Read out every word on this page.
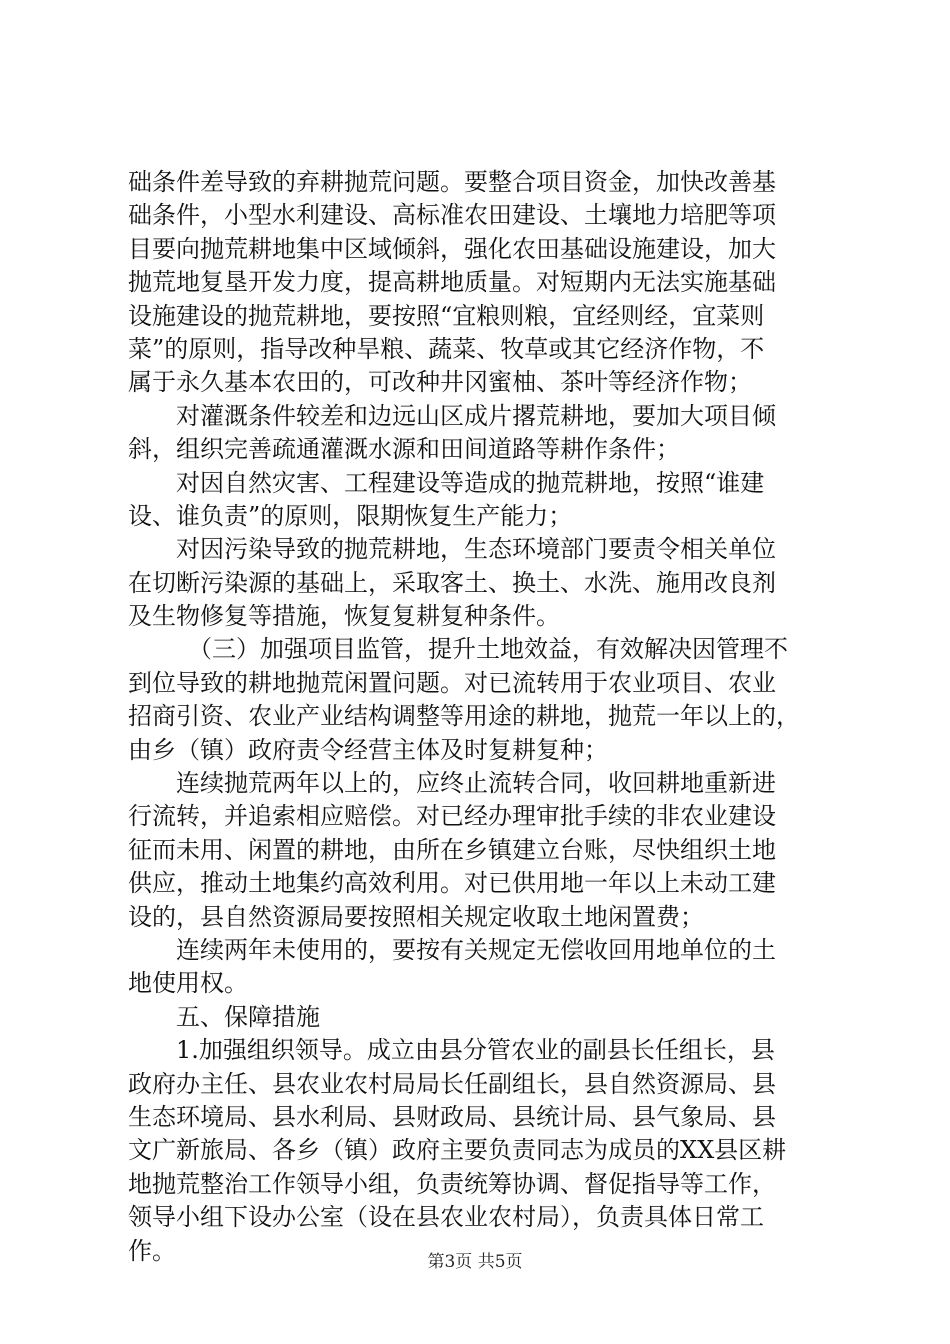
础条件差导致的弃耕抛荒问题。要整合项目资金，加快改善基
础条件，小型水利建设、高标准农田建设、土壤地力培肥等项
目要向抛荒耕地集中区域倾斜，强化农田基础设施建设，加大
抛荒地复垦开发力度，提高耕地质量。对短期内无法实施基础
设施建设的抛荒耕地，要按照“宜粮则粮，宜经则经，宜菜则
菜”的原则，指导改种旱粮、蔬菜、牧草或其它经济作物，不
属于永久基本农田的，可改种井冈蜜柚、茶叶等经济作物；
对灌溉条件较差和边远山区成片撂荒耕地，要加大项目倾
斜，组织完善疏通灌溉水源和田间道路等耕作条件；
对因自然灾害、工程建设等造成的抛荒耕地，按照“谁建
设、谁负责”的原则，限期恢复生产能力；
对因污染导致的抛荒耕地，生态环境部门要责令相关单位
在切断污染源的基础上，采取客土、换土、水洗、施用改良剂
及生物修复等措施，恢复复耕复种条件。
（三）加强项目监管，提升土地效益，有效解决因管理不
到位导致的耕地抛荒闲置问题。对已流转用于农业项目、农业
招商引资、农业产业结构调整等用途的耕地，抛荒一年以上的，
由乡（镇）政府责令经营主体及时复耕复种；
连续抛荒两年以上的，应终止流转合同，收回耕地重新进
行流转，并追索相应赔偿。对已经办理审批手续的非农业建设
征而未用、闲置的耕地，由所在乡镇建立台账，尽快组织土地
供应，推动土地集约高效利用。对已供用地一年以上未动工建
设的，县自然资源局要按照相关规定收取土地闲置费；
连续两年未使用的，要按有关规定无偿收回用地单位的土
地使用权。
五、保障措施
1.加强组织领导。成立由县分管农业的副县长任组长，县
政府办主任、县农业农村局局长任副组长，县自然资源局、县
生态环境局、县水利局、县财政局、县统计局、县气象局、县
文广新旅局、各乡（镇）政府主要负责同志为成员的XX县区耕
地抛荒整治工作领导小组，负责统筹协调、督促指导等工作，
领导小组下设办公室（设在县农业农村局），负责具体日常工
作。	第3页 共5页
